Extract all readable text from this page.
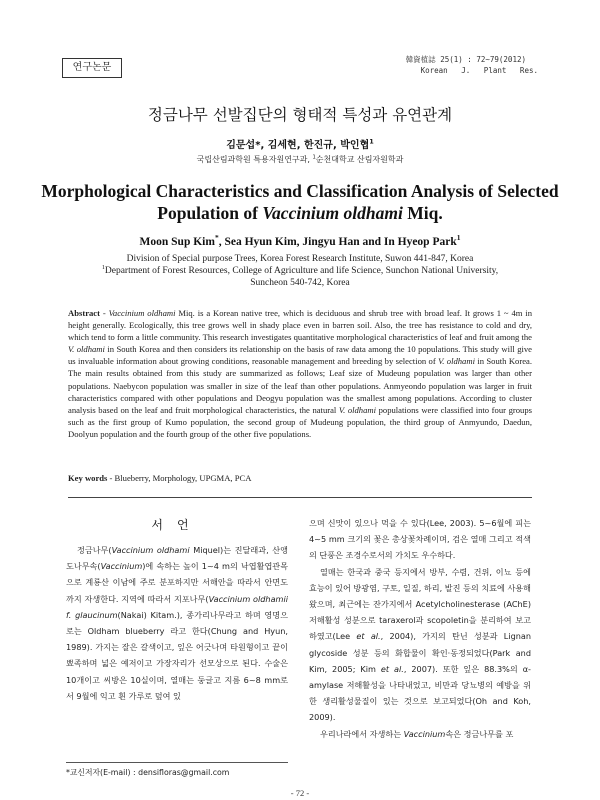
연구논문
韓資植誌 25(1) : 72~79(2012)
Korean   J.   Plant   Res.
정금나무 선발집단의 형태적 특성과 유연관계
김문섭*, 김세현, 한진규, 박인협$^1$
국립산림과학원 특용자원연구과, $^1$순천대학교 산림자원학과
Morphological Characteristics and Classification Analysis of Selected
Population of Vaccinium oldhami Miq.
Moon Sup Kim*, Sea Hyun Kim, Jingyu Han and In Hyeop Park$^1$
Division of Special purpose Trees, Korea Forest Research Institute, Suwon 441-847, Korea
$^1$Department of Forest Resources, College of Agriculture and life Science, Sunchon National University,
Suncheon 540-742, Korea
Abstract - Vaccinium oldhami Miq. is a Korean native tree, which is deciduous and shrub tree with broad leaf. It grows 1 ~ 4m in height generally. Ecologically, this tree grows well in shady place even in barren soil. Also, the tree has resistance to cold and dry, which tend to form a little community. This research investigates quantitative morphological characteristics of leaf and fruit among the V. oldhami in South Korea and then considers its relationship on the basis of raw data among the 10 populations. This study will give us invaluable information about growing conditions, reasonable management and breeding by selection of V. oldhami in South Korea. The main results obtained from this study are summarized as follows; Leaf size of Mudeung population was larger than other populations. Naebycon population was smaller in size of the leaf than other populations. Anmyeondo population was larger in fruit characteristics compared with other populations and Deogyu population was the smallest among populations. According to cluster analysis based on the leaf and fruit morphological characteristics, the natural V. oldhami populations were classified into four groups such as the first group of Kumo population, the second group of Mudeung population, the third group of Anmyundo, Daedun, Doolyun population and the fourth group of the other five populations.
Key words - Blueberry, Morphology, UPGMA, PCA
서언

정금나무(Vaccinium oldhami Miquel)는 진달래과, 산앵도나무속(Vaccinium)에 속하는 높이 1~4 m의 낙엽활엽관목으로 계룡산 이남에 주로 분포하지만 서해안을 따라서 안면도까지 자생한다. 지역에 따라서 지포나무(Vaccinium oldhamii f. glaucinum(Nakai) Kitam.), 종가리나무라고 하며 영명으로는 Oldham blueberry 라고 한다(Chung and Hyun, 1989). 가지는 잘은 갈색이고, 잎은 어긋나며 타원형이고 끝이 뾰족하며 넓은 예저이고 가장자리가 선모상으로 된다. 수술은 10개이고 씨방은 10실이며, 열매는 둥글고 지름 6~8 mm로서 9월에 익고 흰 가루로 덮여 있

으며 신맛이 있으나 먹을 수 있다(Lee, 2003). 5~6월에 피는 4~5 mm 크기의 꽃은 총상꽃차례이며, 검은 열매 그리고 적색의 단풍은 조경수로서의 가치도 우수하다.

열매는 한국과 중국 등지에서 방부, 수렴, 건위, 이뇨 등에 효능이 있어 방광염, 구토, 일질, 하리, 발진 등의 치료에 사용해 왔으며, 최근에는 잔가지에서 Acetylcholinesterase (AChE) 저해활성 성분으로 taraxerol과 scopoletin을 분리하여 보고하였고(Lee et al., 2004), 가지의 탄닌 성분과 Lignan glycoside 성분 등의 화합물이 확인·동정되었다(Park and Kim, 2005; Kim et al., 2007). 또한 잎은 88.3%의 α-amylase 저해활성을 나타내었고, 비만과 당뇨병의 예방을 위한 생리활성물질이 있는 것으로 보고되었다(Oh and Koh, 2009).

우리나라에서 자생하는 Vaccinium속은 정금나무를 포

*교신저자(E-mail) : densifloras@gmail.com
- 72 -
